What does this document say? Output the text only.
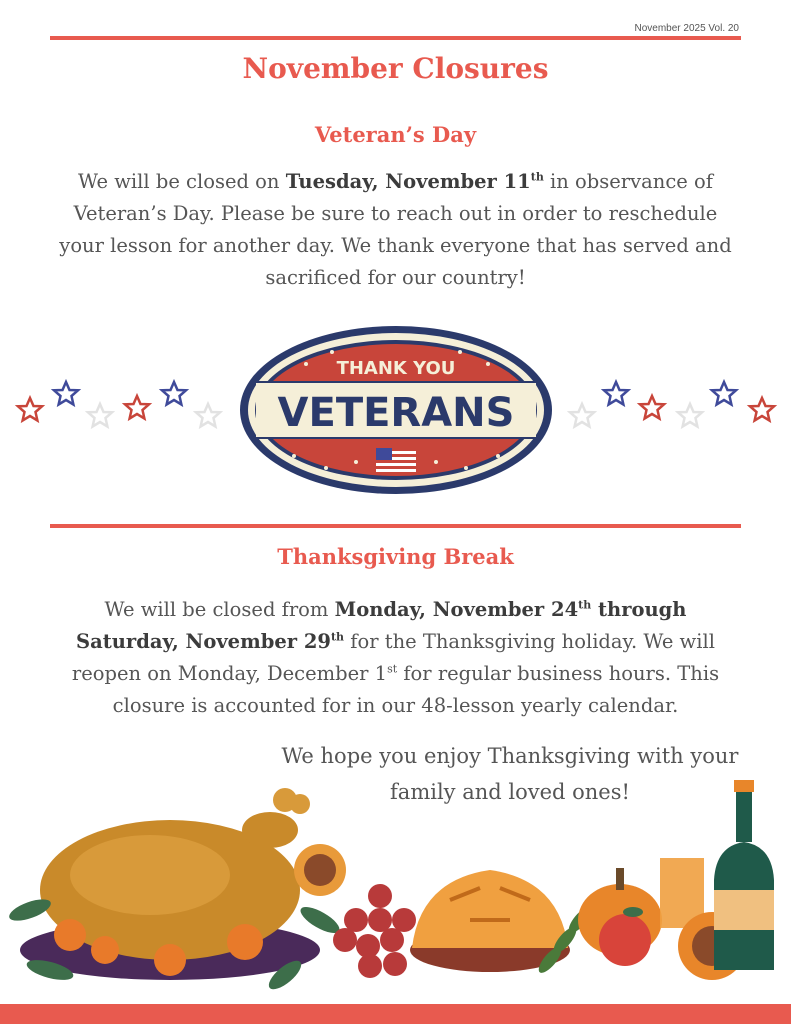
November 2025 Vol. 20
November Closures
Veteran’s Day
We will be closed on Tuesday, November 11th in observance of Veteran’s Day. Please be sure to reach out in order to reschedule your lesson for another day. We thank everyone that has served and sacrificed for our country!
THANK YOU
VETERANS
Thanksgiving Break
We will be closed from Monday, November 24th through Saturday, November 29th for the Thanksgiving holiday. We will reopen on Monday, December 1st for regular business hours. This closure is accounted for in our 48-lesson yearly calendar.
We hope you enjoy Thanksgiving with your family and loved ones!
